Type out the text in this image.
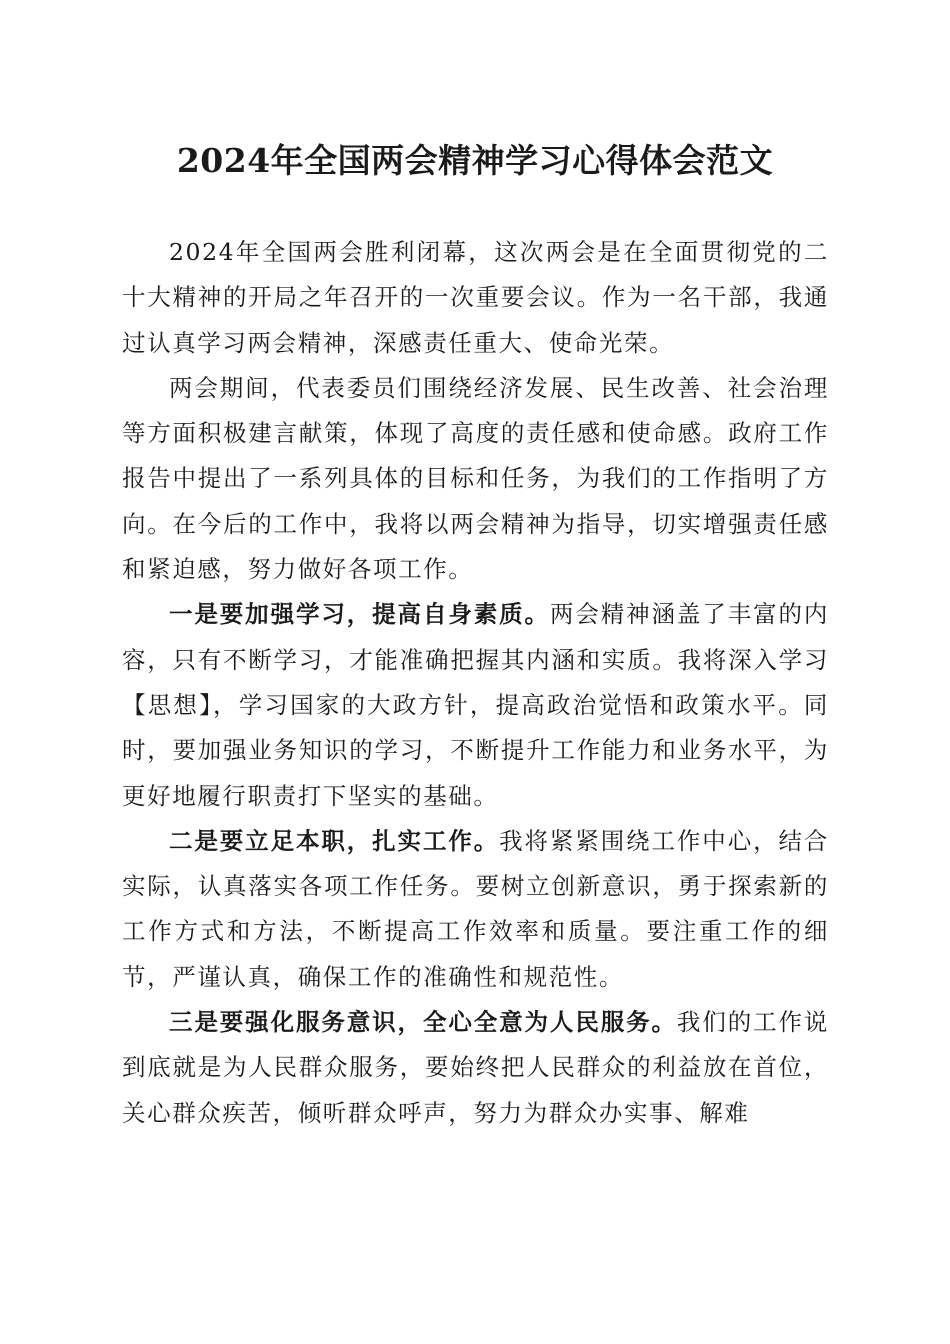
2024年全国两会精神学习心得体会范文

2024年全国两会胜利闭幕，这次两会是在全面贯彻党的二十大精神的开局之年召开的一次重要会议。作为一名干部，我通过认真学习两会精神，深感责任重大、使命光荣。

两会期间，代表委员们围绕经济发展、民生改善、社会治理等方面积极建言献策，体现了高度的责任感和使命感。政府工作报告中提出了一系列具体的目标和任务，为我们的工作指明了方向。在今后的工作中，我将以两会精神为指导，切实增强责任感和紧迫感，努力做好各项工作。

一是要加强学习，提高自身素质。两会精神涵盖了丰富的内容，只有不断学习，才能准确把握其内涵和实质。我将深入学习【思想】，学习国家的大政方针，提高政治觉悟和政策水平。同时，要加强业务知识的学习，不断提升工作能力和业务水平，为更好地履行职责打下坚实的基础。

二是要立足本职，扎实工作。我将紧紧围绕工作中心，结合实际，认真落实各项工作任务。要树立创新意识，勇于探索新的工作方式和方法，不断提高工作效率和质量。要注重工作的细节，严谨认真，确保工作的准确性和规范性。

三是要强化服务意识，全心全意为人民服务。我们的工作说到底就是为人民群众服务，要始终把人民群众的利益放在首位，关心群众疾苦，倾听群众呼声，努力为群众办实事、解难
